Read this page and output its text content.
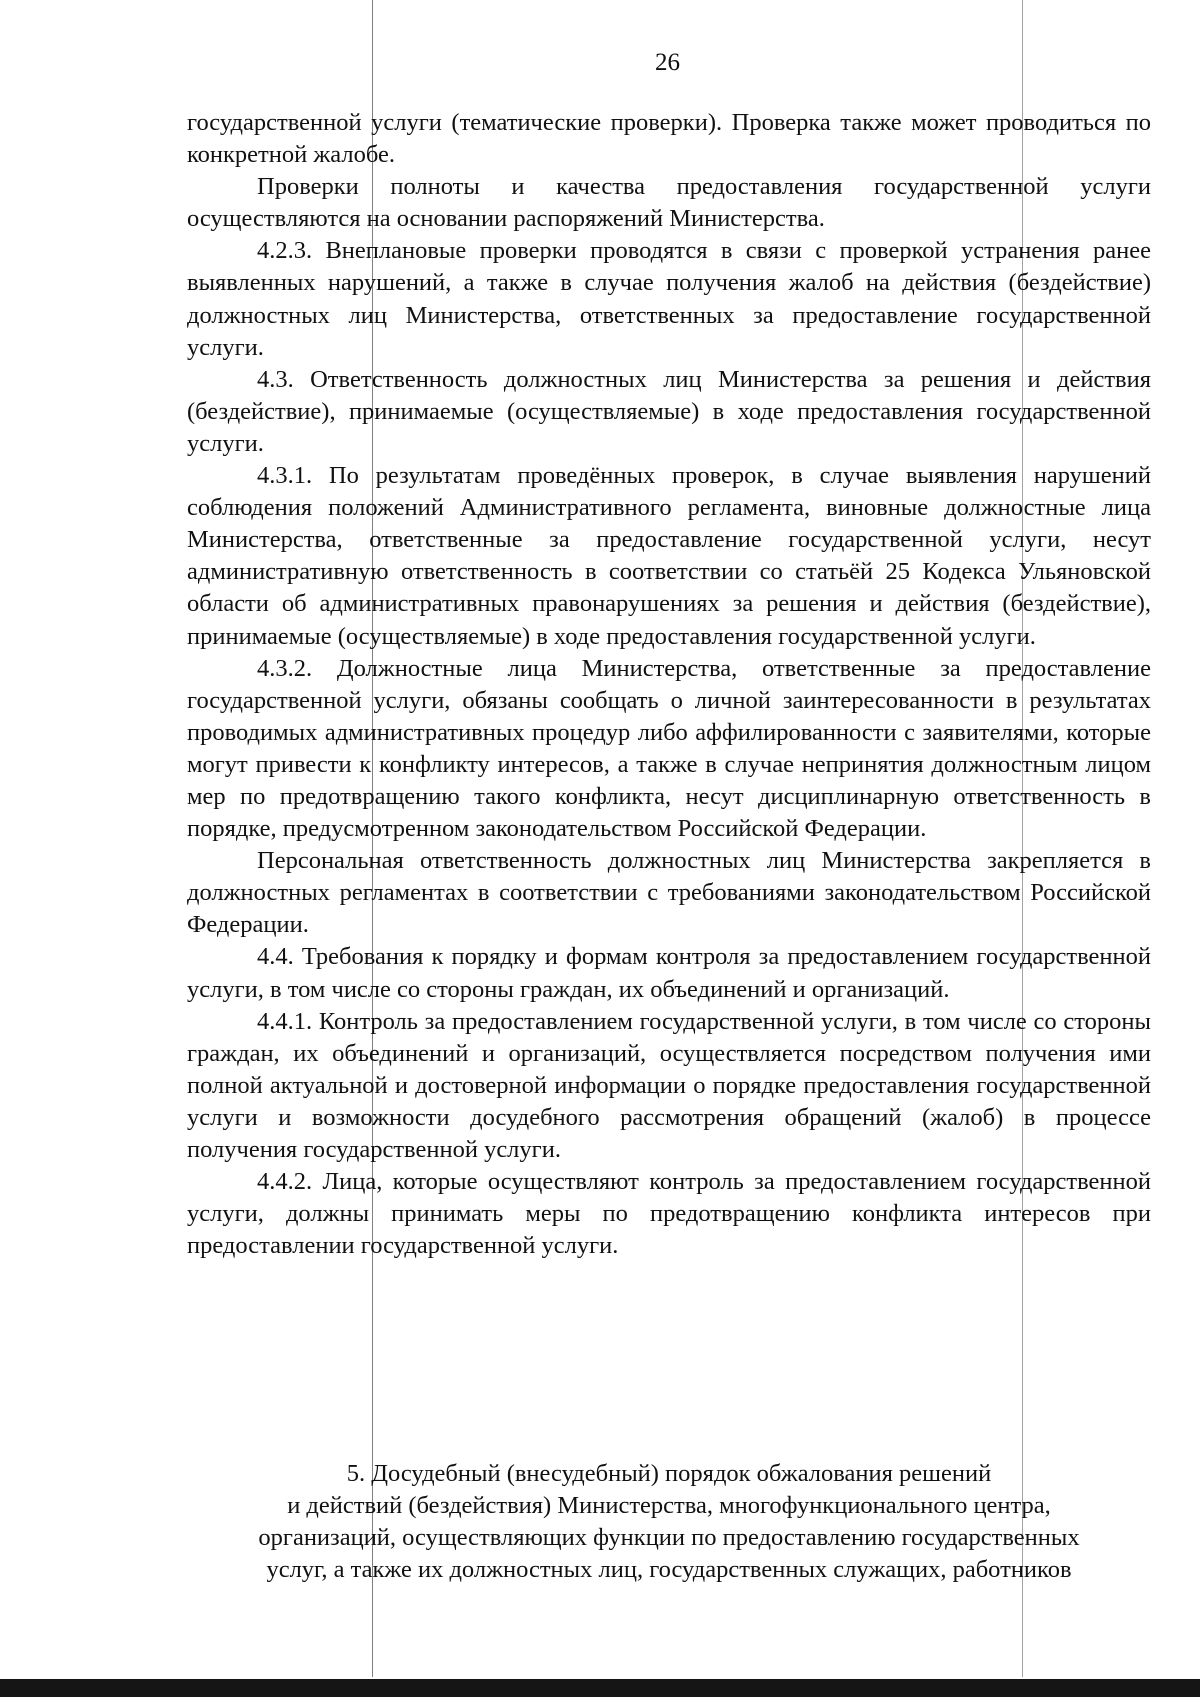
26

государственной услуги (тематические проверки). Проверка также может проводиться по конкретной жалобе.

Проверки полноты и качества предоставления государственной услуги осуществляются на основании распоряжений Министерства.

4.2.3. Внеплановые проверки проводятся в связи с проверкой устранения ранее выявленных нарушений, а также в случае получения жалоб на действия (бездействие) должностных лиц Министерства, ответственных за предоставление государственной услуги.

4.3. Ответственность должностных лиц Министерства за решения и действия (бездействие), принимаемые (осуществляемые) в ходе предоставления государственной услуги.

4.3.1. По результатам проведённых проверок, в случае выявления нарушений соблюдения положений Административного регламента, виновные должностные лица Министерства, ответственные за предоставление государственной услуги, несут административную ответственность в соответствии со статьёй 25 Кодекса Ульяновской области об административных правонарушениях за решения и действия (бездействие), принимаемые (осуществляемые) в ходе предоставления государственной услуги.

4.3.2. Должностные лица Министерства, ответственные за предоставление государственной услуги, обязаны сообщать о личной заинтересованности в результатах проводимых административных процедур либо аффилированности с заявителями, которые могут привести к конфликту интересов, а также в случае непринятия должностным лицом мер по предотвращению такого конфликта, несут дисциплинарную ответственность в порядке, предусмотренном законодательством Российской Федерации.

Персональная ответственность должностных лиц Министерства закрепляется в должностных регламентах в соответствии с требованиями законодательством Российской Федерации.

4.4. Требования к порядку и формам контроля за предоставлением государственной услуги, в том числе со стороны граждан, их объединений и организаций.

4.4.1. Контроль за предоставлением государственной услуги, в том числе со стороны граждан, их объединений и организаций, осуществляется посредством получения ими полной актуальной и достоверной информации о порядке предоставления государственной услуги и возможности досудебного рассмотрения обращений (жалоб) в процессе получения государственной услуги.

4.4.2. Лица, которые осуществляют контроль за предоставлением государственной услуги, должны принимать меры по предотвращению конфликта интересов при предоставлении государственной услуги.

5. Досудебный (внесудебный) порядок обжалования решений
и действий (бездействия) Министерства, многофункционального центра,
организаций, осуществляющих функции по предоставлению государственных
услуг, а также их должностных лиц, государственных служащих, работников
